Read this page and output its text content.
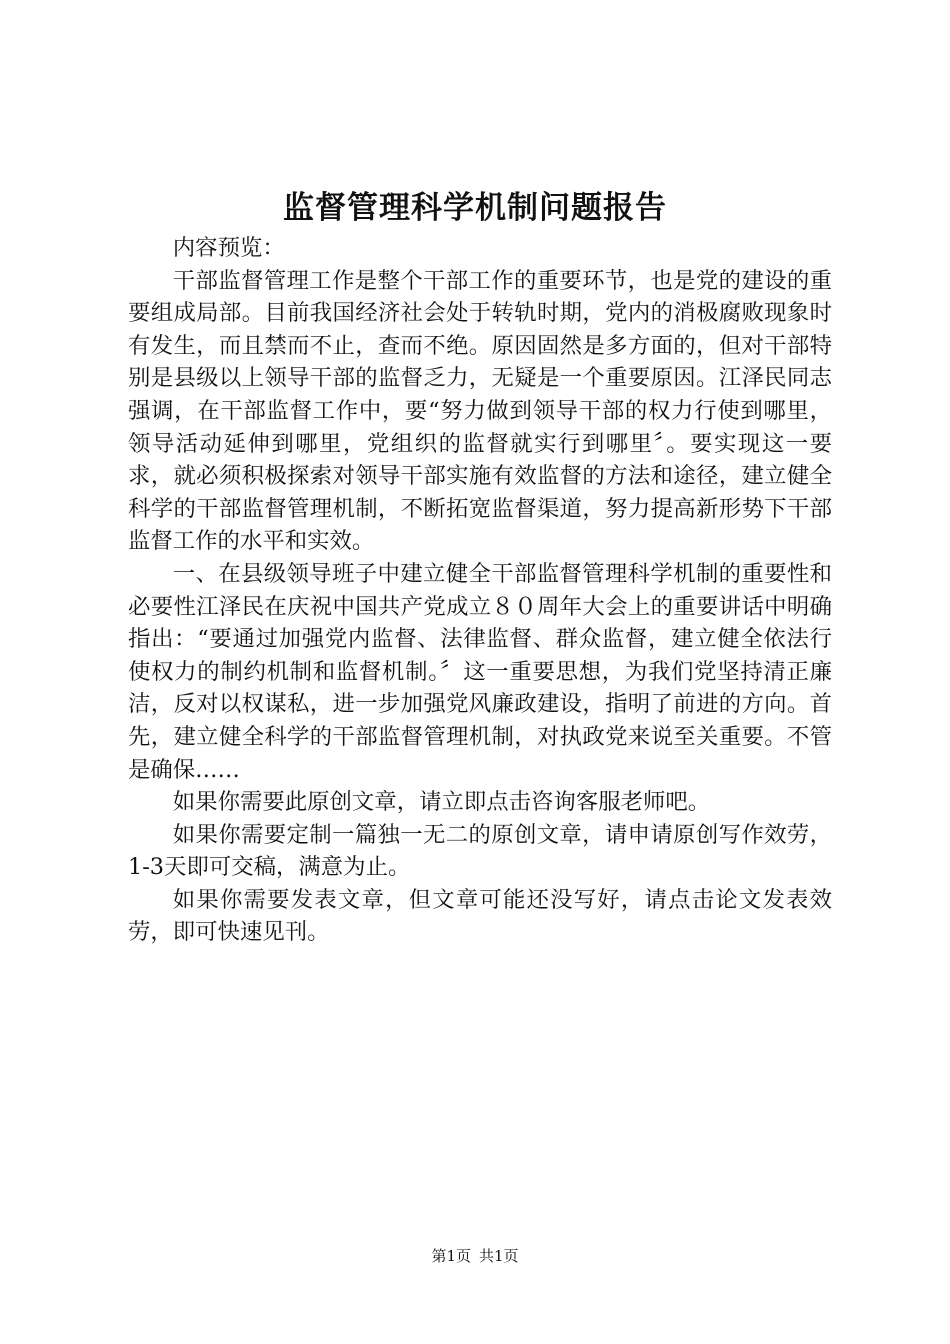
监督管理科学机制问题报告

内容预览：

干部监督管理工作是整个干部工作的重要环节，也是党的建设的重要组成局部。目前我国经济社会处于转轨时期，党内的消极腐败现象时有发生，而且禁而不止，查而不绝。原因固然是多方面的，但对干部特别是县级以上领导干部的监督乏力，无疑是一个重要原因。江泽民同志强调，在干部监督工作中，要“努力做到领导干部的权力行使到哪里，领导活动延伸到哪里，党组织的监督就实行到哪里〞。要实现这一要求，就必须积极探索对领导干部实施有效监督的方法和途径，建立健全科学的干部监督管理机制，不断拓宽监督渠道，努力提高新形势下干部监督工作的水平和实效。

一、在县级领导班子中建立健全干部监督管理科学机制的重要性和必要性江泽民在庆祝中国共产党成立８０周年大会上的重要讲话中明确指出：“要通过加强党内监督、法律监督、群众监督，建立健全依法行使权力的制约机制和监督机制。〞这一重要思想，为我们党坚持清正廉洁，反对以权谋私，进一步加强党风廉政建设，指明了前进的方向。首先，建立健全科学的干部监督管理机制，对执政党来说至关重要。不管是确保……

如果你需要此原创文章，请立即点击咨询客服老师吧。

如果你需要定制一篇独一无二的原创文章，请申请原创写作效劳，1-3天即可交稿，满意为止。

如果你需要发表文章，但文章可能还没写好，请点击论文发表效劳，即可快速见刊。

第1页 共1页
